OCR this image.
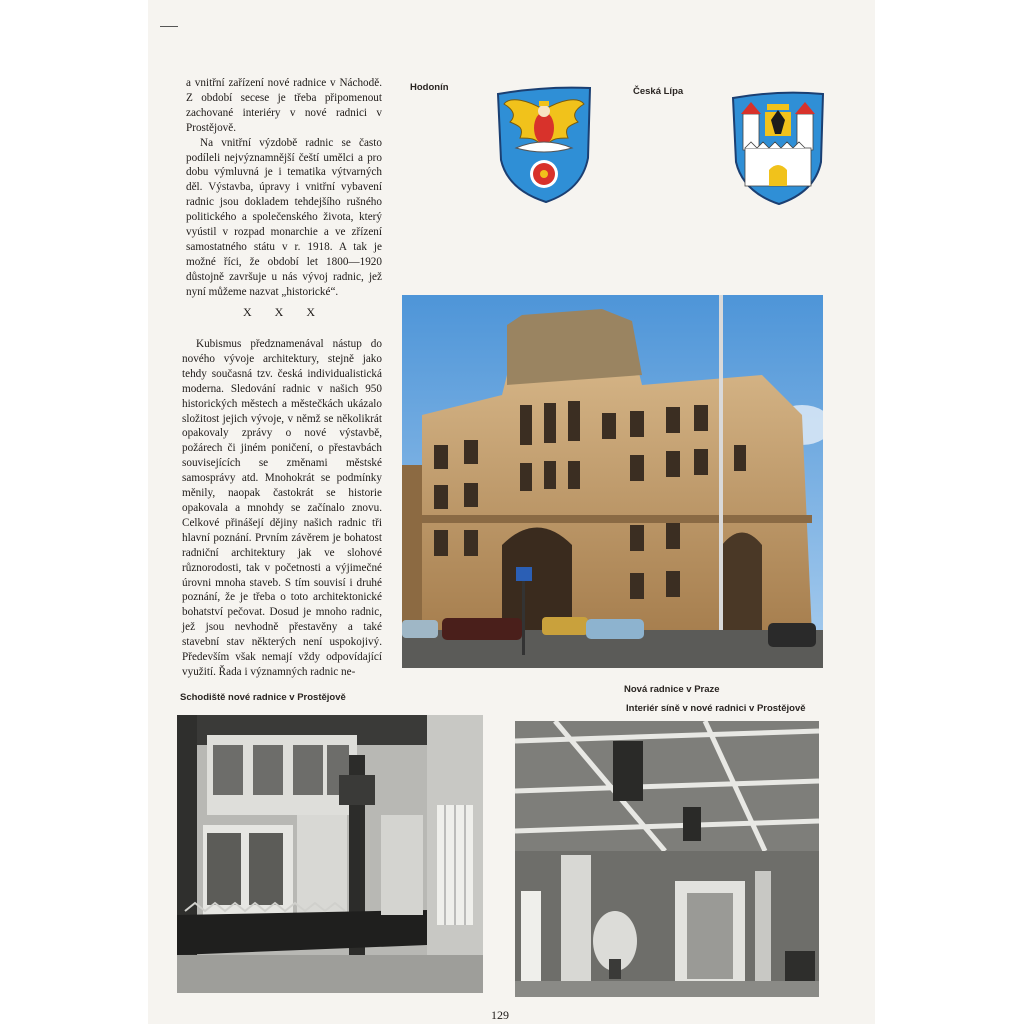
a vnitřní zařízení nové radnice v Náchodě. Z období secese je třeba připomenout zachované interiéry v nové radnici v Prostějově.

Na vnitřní výzdobě radnic se často podíleli nejvýznamnější čeští umělci a pro dobu výmluvná je i tematika výtvarných děl. Výstavba, úpravy i vnitřní vybavení radnic jsou dokladem tehdejšího rušného politického a společenského života, který vyústil v rozpad monarchie a ve zřízení samostatného státu v r. 1918. A tak je možné říci, že období let 1800—1920 důstojně završuje u nás vývoj radnic, jež nyní můžeme nazvat „historické“.

X X X

Kubismus předznamenával nástup do nového vývoje architektury, stejně jako tehdy současná tzv. česká individualistická moderna. Sledování radnic v našich 950 historických městech a městečkách ukázalo složitost jejich vývoje, v němž se několikrát opakovaly zprávy o nové výstavbě, požárech či jiném poničení, o přestavbách souvisejících se změnami městské samosprávy atd. Mnohokrát se podmínky měnily, naopak častokrát se historie opakovala a mnohdy se začínalo znovu. Celkové přinášejí dějiny našich radnic tři hlavní poznání. Prvním závěrem je bohatost radniční architektury jak ve slohové různorodosti, tak v početnosti a výjimečné úrovni mnoha staveb. S tím souvisí i druhé poznání, že je třeba o toto architektonické bohatství pečovat. Dosud je mnoho radnic, jež jsou nevhodně přestavěny a také stavební stav některých není uspokojivý. Především však nemají vždy odpovídající využití. Řada i významných radnic ne-

Hodonín	Česká Lípa
Nová radnice v Praze
Schodiště nové radnice v Prostějově
Interiér síně v nové radnici v Prostějově
129
